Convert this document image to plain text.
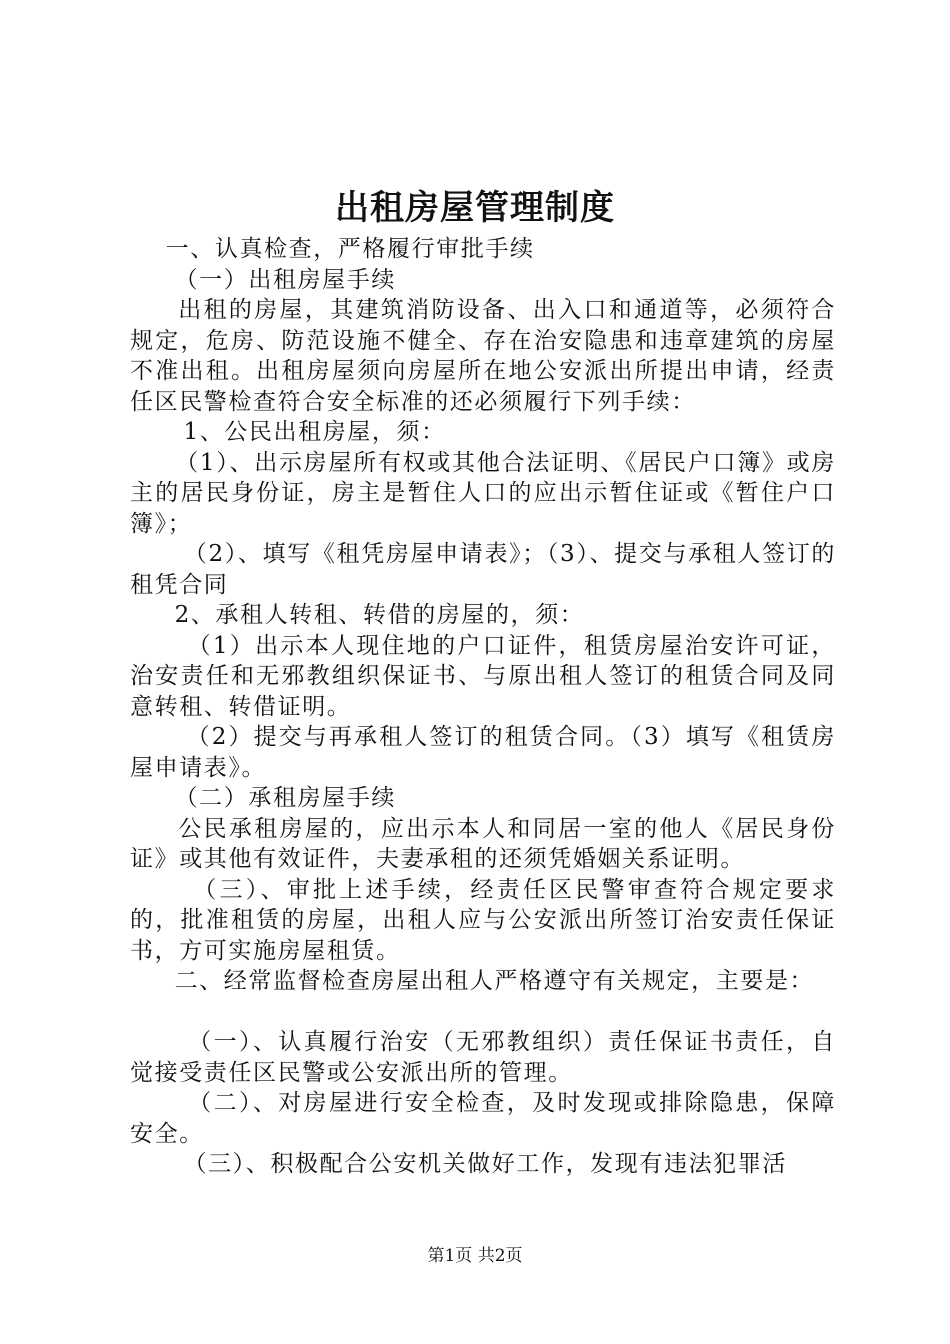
出租房屋管理制度

一、认真检查，严格履行审批手续

（一）出租房屋手续

出租的房屋，其建筑消防设备、出入口和通道等，必须符合规定，危房、防范设施不健全、存在治安隐患和违章建筑的房屋不准出租。出租房屋须向房屋所在地公安派出所提出申请，经责任区民警检查符合安全标准的还必须履行下列手续：

1、公民出租房屋，须：

（1）、出示房屋所有权或其他合法证明、《居民户口簿》或房主的居民身份证，房主是暂住人口的应出示暂住证或《暂住户口簿》；

（2）、填写《租凭房屋申请表》；（3）、提交与承租人签订的租凭合同

2、承租人转租、转借的房屋的，须：

（1）出示本人现住地的户口证件，租赁房屋治安许可证，治安责任和无邪教组织保证书、与原出租人签订的租赁合同及同意转租、转借证明。

（2）提交与再承租人签订的租赁合同。（3）填写《租赁房屋申请表》。

（二）承租房屋手续

公民承租房屋的，应出示本人和同居一室的他人《居民身份证》或其他有效证件，夫妻承租的还须凭婚姻关系证明。

（三）、审批上述手续，经责任区民警审查符合规定要求的，批准租赁的房屋，出租人应与公安派出所签订治安责任保证书，方可实施房屋租赁。

二、经常监督检查房屋出租人严格遵守有关规定，主要是：

（一）、认真履行治安（无邪教组织）责任保证书责任，自觉接受责任区民警或公安派出所的管理。

（二）、对房屋进行安全检查，及时发现或排除隐患，保障安全。

（三）、积极配合公安机关做好工作，发现有违法犯罪活

第1页 共2页
